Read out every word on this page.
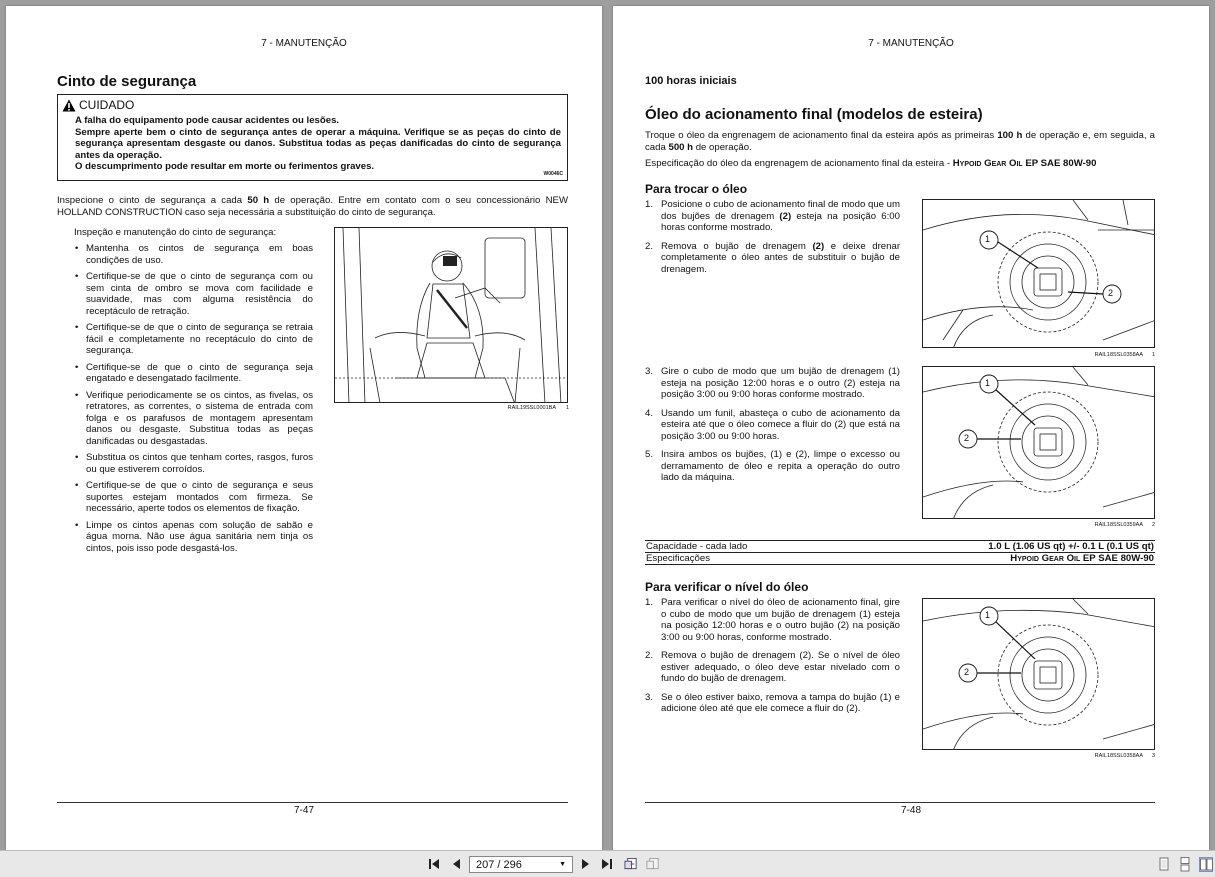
7 - MANUTENÇÃO
Cinto de segurança
CUIDADO
A falha do equipamento pode causar acidentes ou lesões.
Sempre aperte bem o cinto de segurança antes de operar a máquina. Verifique se as peças do cinto de segurança apresentam desgaste ou danos. Substitua todas as peças danificadas do cinto de segurança antes da operação.
O descumprimento pode resultar em morte ou ferimentos graves.
W0046C
Inspecione o cinto de segurança a cada 50 h de operação. Entre em contato com o seu concessionário NEW HOLLAND CONSTRUCTION caso seja necessária a substituição do cinto de segurança.
Inspeção e manutenção do cinto de segurança:
• Mantenha os cintos de segurança em boas condições de uso.
• Certifique-se de que o cinto de segurança com ou sem cinta de ombro se mova com facilidade e suavidade, mas com alguma resistência do receptáculo de retração.
• Certifique-se de que o cinto de segurança se retraia fácil e completamente no receptáculo do cinto de segurança.
• Certifique-se de que o cinto de segurança seja engatado e desengatado facilmente.
• Verifique periodicamente se os cintos, as fivelas, os retratores, as correntes, o sistema de entrada com folga e os parafusos de montagem apresentam danos ou desgaste. Substitua todas as peças danificadas ou desgastadas.
• Substitua os cintos que tenham cortes, rasgos, furos ou que estiverem corroídos.
• Certifique-se de que o cinto de segurança e seus suportes estejam montados com firmeza. Se necessário, aperte todos os elementos de fixação.
• Limpe os cintos apenas com solução de sabão e água morna. Não use água sanitária nem tinja os cintos, pois isso pode desgastá-los.
RAIL19SSL0001BA	1
7-47
7 - MANUTENÇÃO
100 horas iniciais
Óleo do acionamento final (modelos de esteira)
Troque o óleo da engrenagem de acionamento final da esteira após as primeiras 100 h de operação e, em seguida, a cada 500 h de operação.
Especificação do óleo da engrenagem de acionamento final da esteira - Hypoid Gear Oil EP SAE 80W-90
Para trocar o óleo
1. Posicione o cubo de acionamento final de modo que um dos bujões de drenagem (2) esteja na posição 6:00 horas conforme mostrado.
2. Remova o bujão de drenagem (2) e deixe drenar completamente o óleo antes de substituir o bujão de drenagem.
1
2
RAIL18SSL0358AA	1
3. Gire o cubo de modo que um bujão de drenagem (1) esteja na posição 12:00 horas e o outro (2) esteja na posição 3:00 ou 9:00 horas conforme mostrado.
4. Usando um funil, abasteça o cubo de acionamento da esteira até que o óleo comece a fluir do (2) que está na posição 3:00 ou 9:00 horas.
5. Insira ambos os bujões, (1) e (2), limpe o excesso ou derramamento de óleo e repita a operação do outro lado da máquina.
1
2
RAIL18SSL0359AA	2
Capacidade - cada lado	1.0 L (1.06 US qt) +/- 0.1 L (0.1 US qt)
Especificações	Hypoid Gear Oil EP SAE 80W-90
Para verificar o nível do óleo
1. Para verificar o nível do óleo de acionamento final, gire o cubo de modo que um bujão de drenagem (1) esteja na posição 12:00 horas e o outro bujão (2) na posição 3:00 ou 9:00 horas, conforme mostrado.
2. Remova o bujão de drenagem (2). Se o nível de óleo estiver adequado, o óleo deve estar nivelado com o fundo do bujão de drenagem.
3. Se o óleo estiver baixo, remova a tampa do bujão (1) e adicione óleo até que ele comece a fluir do (2).
1
2
RAIL18SSL0358AA	3
7-48
207 / 296	▼
